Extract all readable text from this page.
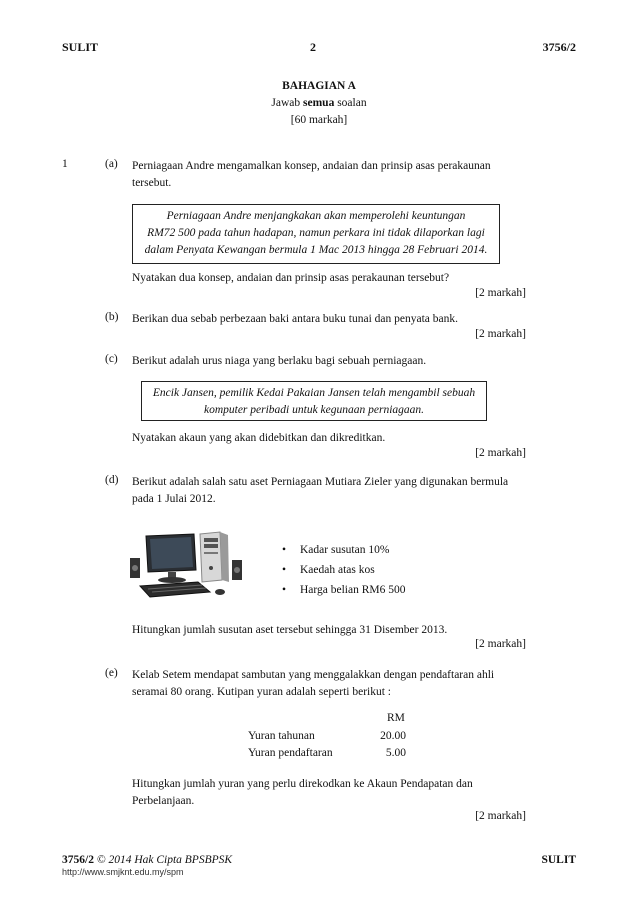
SULIT	2	3756/2
BAHAGIAN A
Jawab semua soalan
[60 markah]
1	(a) Perniagaan Andre mengamalkan konsep, andaian dan prinsip asas perakaunan
tersebut.
Perniagaan Andre menjangkakan akan memperolehi keuntungan
RM72 500 pada tahun hadapan, namun perkara ini tidak dilaporkan lagi
dalam Penyata Kewangan bermula 1 Mac 2013 hingga 28 Februari 2014.
Nyatakan dua konsep, andaian dan prinsip asas perakaunan tersebut?
[2 markah]
(b) Berikan dua sebab perbezaan baki antara buku tunai dan penyata bank.
[2 markah]
(c) Berikut adalah urus niaga yang berlaku bagi sebuah perniagaan.
Encik Jansen, pemilik Kedai Pakaian Jansen telah mengambil sebuah
komputer peribadi untuk kegunaan perniagaan.
Nyatakan akaun yang akan didebitkan dan dikreditkan.
[2 markah]
(d) Berikut adalah salah satu aset Perniagaan Mutiara Zieler yang digunakan bermula
pada 1 Julai 2012.
• Kadar susutan 10%
• Kaedah atas kos
• Harga belian RM6 500
Hitungkan jumlah susutan aset tersebut sehingga 31 Disember 2013.
[2 markah]
(e) Kelab Setem mendapat sambutan yang menggalakkan dengan pendaftaran ahli
seramai 80 orang. Kutipan yuran adalah seperti berikut :
RM
Yuran tahunan	20.00
Yuran pendaftaran	5.00
Hitungkan jumlah yuran yang perlu direkodkan ke Akaun Pendapatan dan
Perbelanjaan.
[2 markah]
3756/2 © 2014 Hak Cipta BPSBPSK	SULIT
http://www.smjknt.edu.my/spm
